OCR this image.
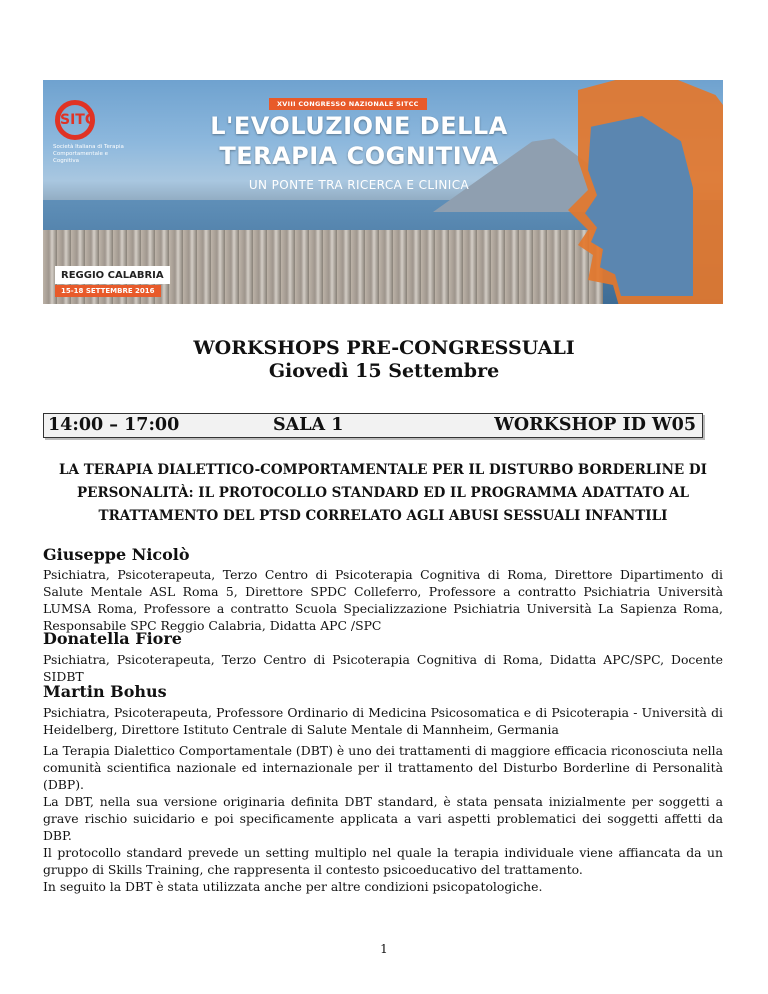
SITC
Società Italiana di Terapia Comportamentale e Cognitiva
XVIII CONGRESSO NAZIONALE SITCC
L'EVOLUZIONE DELLA
TERAPIA COGNITIVA
UN PONTE TRA RICERCA E CLINICA
REGGIO CALABRIA
15-18 SETTEMBRE 2016
WORKSHOPS PRE-CONGRESSUALI
Giovedì 15 Settembre
14:00 – 17:00	SALA 1	WORKSHOP ID W05
LA TERAPIA DIALETTICO-COMPORTAMENTALE PER IL DISTURBO BORDERLINE DI
PERSONALITÀ: IL PROTOCOLLO STANDARD ED IL PROGRAMMA ADATTATO AL
TRATTAMENTO DEL PTSD CORRELATO AGLI ABUSI SESSUALI INFANTILI
Giuseppe Nicolò
Psichiatra, Psicoterapeuta, Terzo Centro di Psicoterapia Cognitiva di Roma, Direttore Dipartimento di Salute Mentale ASL Roma 5, Direttore SPDC Colleferro, Professore a contratto Psichiatria Università LUMSA Roma, Professore a contratto Scuola Specializzazione Psichiatria Università La Sapienza Roma, Responsabile SPC Reggio Calabria, Didatta APC /SPC
Donatella Fiore
Psichiatra, Psicoterapeuta, Terzo Centro di Psicoterapia Cognitiva di Roma, Didatta APC/SPC, Docente SIDBT
Martin Bohus
Psichiatra, Psicoterapeuta, Professore Ordinario di Medicina Psicosomatica e di Psicoterapia - Università di Heidelberg, Direttore Istituto Centrale di Salute Mentale di Mannheim, Germania

La Terapia Dialettico Comportamentale (DBT) è uno dei trattamenti di maggiore efficacia riconosciuta nella comunità scientifica nazionale ed internazionale per il trattamento del Disturbo Borderline di Personalità (DBP).

La DBT, nella sua versione originaria definita DBT standard, è stata pensata inizialmente per soggetti a grave rischio suicidario e poi specificamente applicata a vari aspetti problematici dei soggetti affetti da DBP.

Il protocollo standard prevede un setting multiplo nel quale la terapia individuale viene affiancata da un gruppo di Skills Training, che rappresenta il contesto psicoeducativo del trattamento.

In seguito la DBT è stata utilizzata anche per altre condizioni psicopatologiche.

1
